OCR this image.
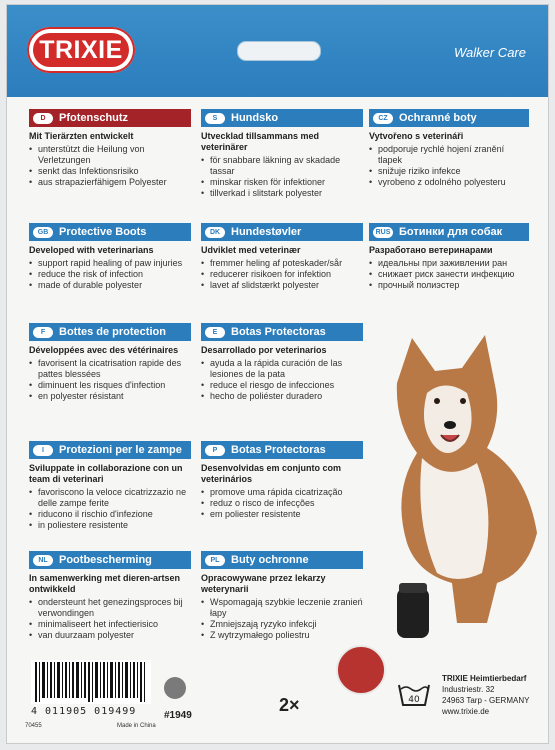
TRIXIE	Walker Care
D	Pfotenschutz
Mit Tierärzten entwickelt
• unterstützt die Heilung von Verletzungen
• senkt das Infektionsrisiko
• aus strapazierfähigem Polyester
S	Hundsko
Utvecklad tillsammans med veterinärer
• för snabbare läkning av skadade tassar
• minskar risken för infektioner
• tillverkad i slitstark polyester
CZ	Ochranné boty
Vytvořeno s veterináři
• podporuje rychlé hojení zranění tlapek
• snižuje riziko infekce
• vyrobeno z odolného polyesteru
GB Protective Boots
Developed with veterinarians
• support rapid healing of paw injuries
• reduce the risk of infection
• made of durable polyester
DK Hundestøvler
Udviklet med veterinær
• fremmer heling af poteskader/sår
• reducerer risikoen for infektion
• lavet af slidstærkt polyester
RUS Ботинки для собак
Разработано ветеринарами
• идеальны при заживлении ран
• снижает риск занести инфекцию
• прочный полиэстер
F	Bottes de protection
Développées avec des vétérinaires
• favorisent la cicatrisation rapide des pattes blessées
• diminuent les risques d'infection
• en polyester résistant
E	Botas Protectoras
Desarrollado por veterinarios
• ayuda a la rápida curación de las lesiones de la pata
• reduce el riesgo de infecciones
• hecho de poliéster duradero
I	Protezioni per le zampe
Sviluppate in collaborazione con un team di veterinari
• favoriscono la veloce cicatrizzazio ne delle zampe ferite
• riducono il rischio d'infezione
• in poliestere resistente
P	Botas Protectoras
Desenvolvidas em conjunto com veterinários
• promove uma rápida cicatrização
• reduz o risco de infecções
• em poliester resistente
NL	Pootbescherming
In samenwerking met dieren-artsen ontwikkeld
• ondersteunt het genezingsproces bij verwondingen
• minimaliseert het infectierisico
• van duurzaam polyester
PL	Buty ochronne
Opracowywane przez lekarzy weterynarii
• Wspomagają szybkie leczenie zranień łapy
• Zmniejszają ryzyko infekcji
• Z wytrzymałego poliestru
4 011905 019499
70455	Made in China
#1949
2×	40
TRIXIE Heimtierbedarf
Industriestr. 32
24963 Tarp - GERMANY
www.trixie.de
